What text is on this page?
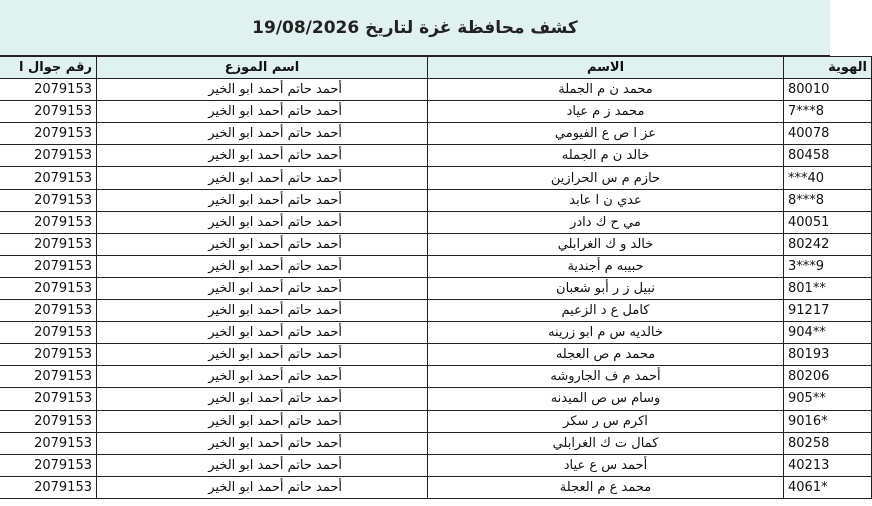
كشف محافظة غزة لتاريخ 19/08/2026
رقم جوال ا	اسم الموزع	الاسم	الهوية
2079153	أحمد حاتم أحمد ابو الخير	محمد ن م الجملة	80010
2079153	أحمد حاتم أحمد ابو الخير	محمد ز م عياد	7***8
2079153	أحمد حاتم أحمد ابو الخير	عز ا ص ع الفيومي	40078
2079153	أحمد حاتم أحمد ابو الخير	خالد ن م الجمله	80458
2079153	أحمد حاتم أحمد ابو الخير	حازم م س الحرازين	***40
2079153	أحمد حاتم أحمد ابو الخير	عدي ن ا عابد	8***8
2079153	أحمد حاتم أحمد ابو الخير	مي ح ك دادر	40051
2079153	أحمد حاتم أحمد ابو الخير	خالد و ك الغرابلي	80242
2079153	أحمد حاتم أحمد ابو الخير	حبيبه م أجندية	3***9
2079153	أحمد حاتم أحمد ابو الخير	نبيل ز ر أبو شعبان	801**
2079153	أحمد حاتم أحمد ابو الخير	كامل ع د الزعيم	91217
2079153	أحمد حاتم أحمد ابو الخير	خالديه س م ابو زرينه	904**
2079153	أحمد حاتم أحمد ابو الخير	محمد م ص العجله	80193
2079153	أحمد حاتم أحمد ابو الخير	أحمد م ف الجاروشه	80206
2079153	أحمد حاتم أحمد ابو الخير	وسام س ص الميدنه	905**
2079153	أحمد حاتم أحمد ابو الخير	اكرم س ر سكر	9016*
2079153	أحمد حاتم أحمد ابو الخير	كمال ت ك الغرابلي	80258
2079153	أحمد حاتم أحمد ابو الخير	أحمد س ع عياد	40213
2079153	أحمد حاتم أحمد ابو الخير	محمد ع م العجلة	4061*
